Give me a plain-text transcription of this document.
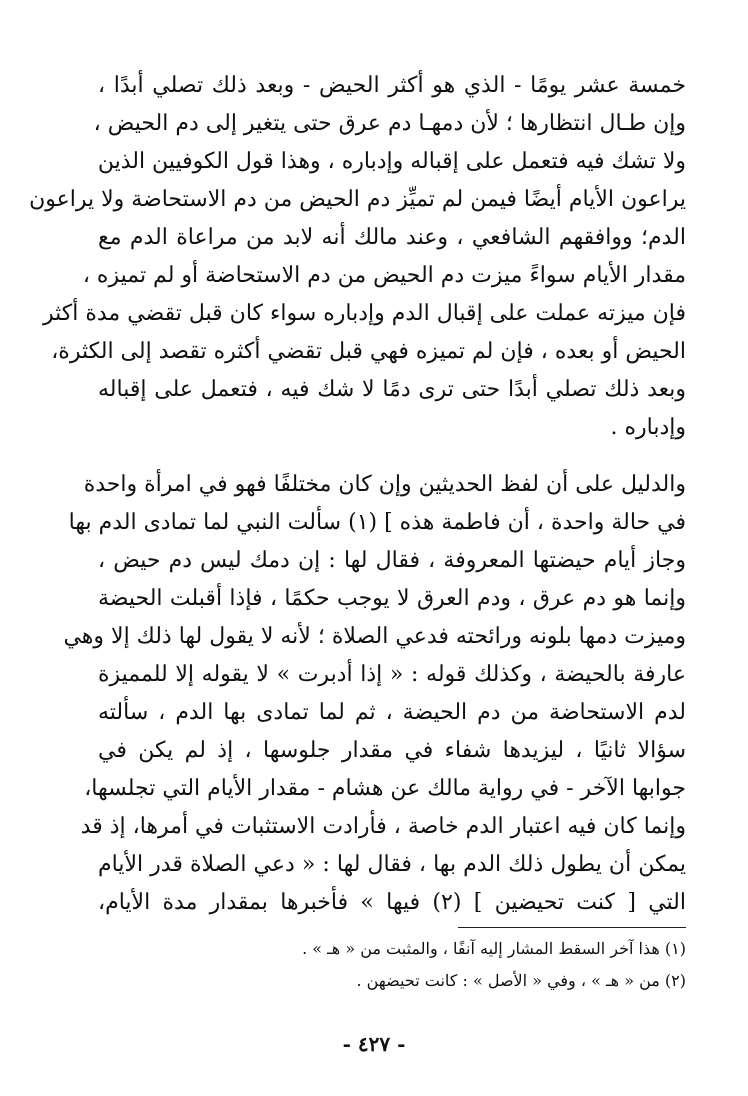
خمسة عشر يومًا - الذي هو أكثر الحيض - وبعد ذلك تصلي أبدًا ،
وإن طـال انتظارها ؛ لأن دمهـا دم عرق حتى يتغير إلى دم الحيض ،
ولا تشك فيه فتعمل على إقباله وإدباره ، وهذا قول الكوفيين الذين
يراعون الأيام أيضًا فيمن لم تميِّز دم الحيض من دم الاستحاضة ولا يراعون
الدم؛ ووافقهم الشافعي ، وعند مالك أنه لابد من مراعاة الدم مع
مقدار الأيام سواءً ميزت دم الحيض من دم الاستحاضة أو لم تميزه ،
فإن ميزته عملت على إقبال الدم وإدباره سواء كان قبل تقضي مدة أكثر
الحيض أو بعده ، فإن لم تميزه فهي قبل تقضي أكثره تقصد إلى الكثرة،
وبعد ذلك تصلي أبدًا حتى ترى دمًا لا شك فيه ، فتعمل على إقباله
وإدباره .
والدليل على أن لفظ الحديثين وإن كان مختلفًا فهو في امرأة واحدة
في حالة واحدة ، أن فاطمة هذه ] (١) سألت النبي لما تمادى الدم بها
وجاز أيام حيضتها المعروفة ، فقال لها : إن دمك ليس دم حيض ،
وإنما هو دم عرق ، ودم العرق لا يوجب حكمًا ، فإذا أقبلت الحيضة
وميزت دمها بلونه ورائحته فدعي الصلاة ؛ لأنه لا يقول لها ذلك إلا وهي
عارفة بالحيضة ، وكذلك قوله : « إذا أدبرت » لا يقوله إلا للمميزة
لدم الاستحاضة من دم الحيضة ، ثم لما تمادى بها الدم ، سألته
سؤالا ثانيًا ، ليزيدها شفاء في مقدار جلوسها ، إذ لم يكن في
جوابها الآخر - في رواية مالك عن هشام - مقدار الأيام التي تجلسها،
وإنما كان فيه اعتبار الدم خاصة ، فأرادت الاستثبات في أمرها، إذ قد
يمكن أن يطول ذلك الدم بها ، فقال لها : « دعي الصلاة قدر الأيام
التي [ كنت تحيضين ] (٢) فيها » فأخبرها بمقدار مدة الأيام،
(١) هذا آخر السقط المشار إليه آنفًا ، والمثبت من « هـ » .
(٢) من « هـ » ، وفي « الأصل » : كانت تحيضهن .
- ٤٢٧ -
